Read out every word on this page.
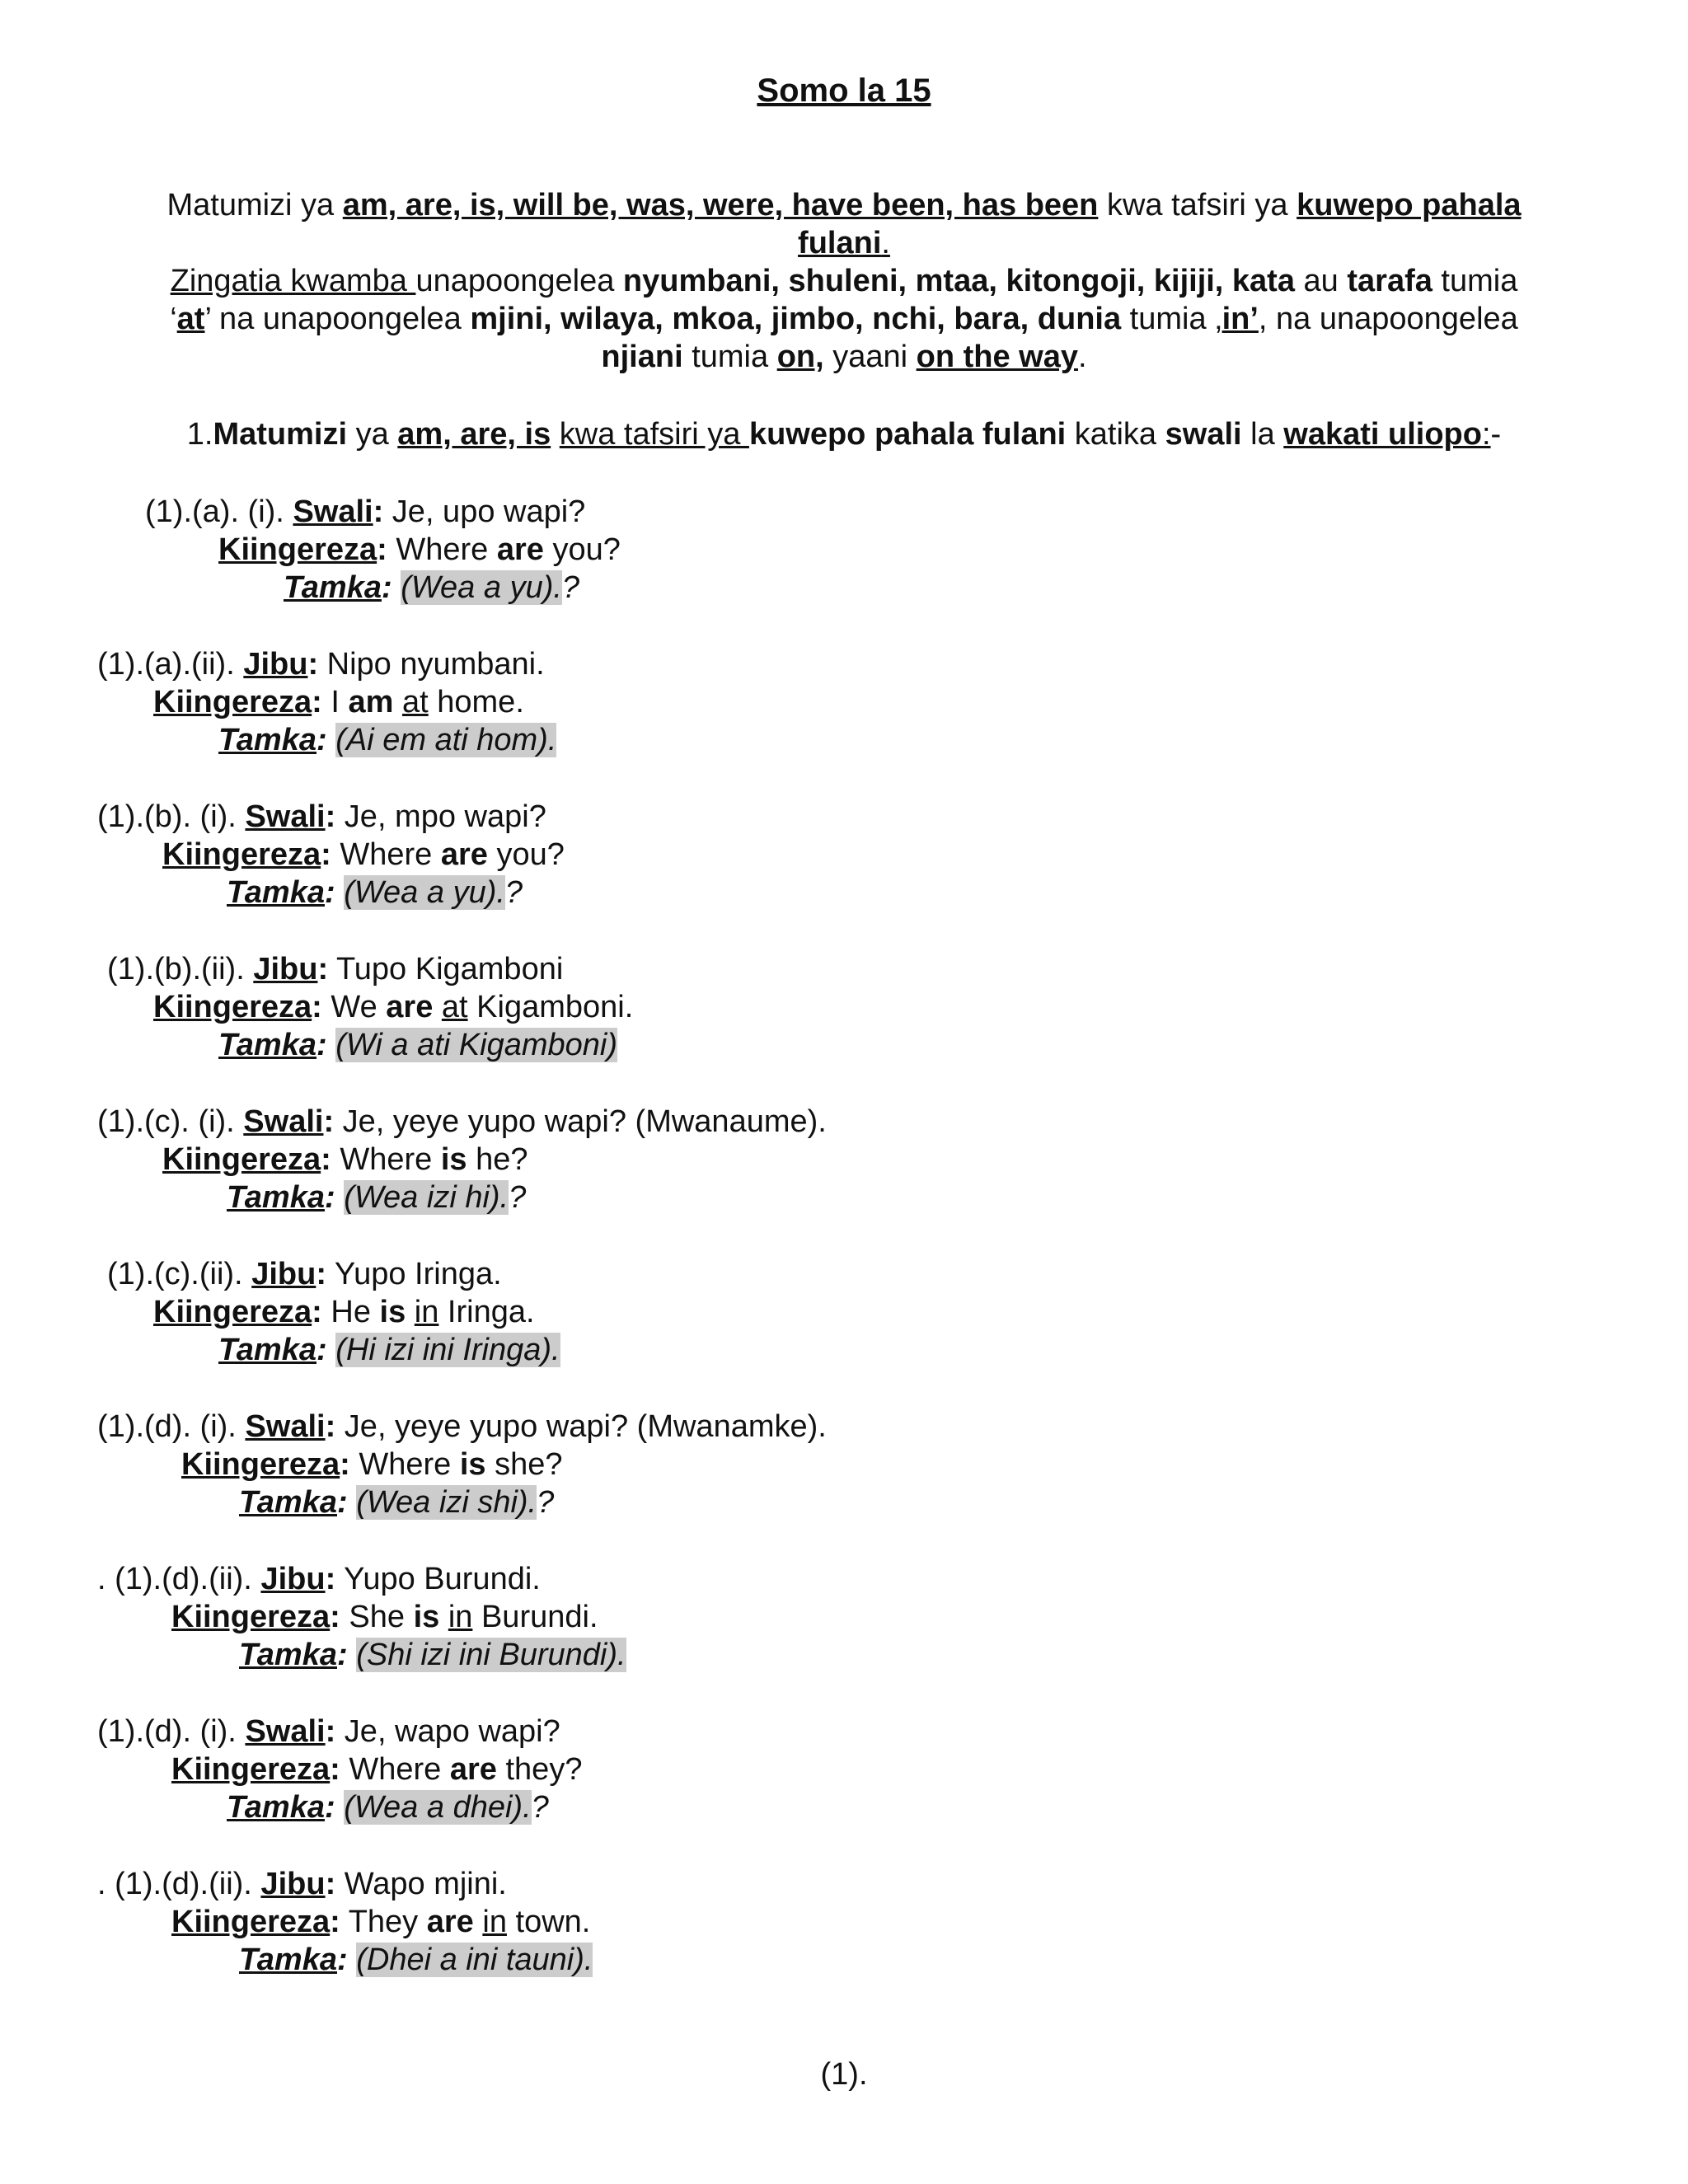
Somo la 15
Matumizi ya am, are, is, will be, was, were, have been, has been kwa tafsiri ya kuwepo pahala fulani.
Zingatia kwamba unapoongelea nyumbani, shuleni, mtaa, kitongoji, kijiji, kata au tarafa tumia ‘at’ na unapoongelea mjini, wilaya, mkoa, jimbo, nchi, bara, dunia tumia ‚in’, na unapoongelea njiani tumia on, yaani on the way.
1.Matumizi ya am, are, is kwa tafsiri ya kuwepo pahala fulani katika swali la wakati uliopo:-
(1).(a). (i). Swali: Je, upo wapi?
Kiingereza: Where are you?
Tamka: (Wea a yu).?
(1).(a).(ii). Jibu: Nipo nyumbani.
Kiingereza: I am at home.
Tamka: (Ai em ati hom).
(1).(b). (i). Swali: Je, mpo wapi?
Kiingereza: Where are you?
Tamka: (Wea a yu).?
(1).(b).(ii). Jibu: Tupo Kigamboni
Kiingereza: We are at Kigamboni.
Tamka: (Wi a ati Kigamboni)
(1).(c). (i). Swali: Je, yeye yupo wapi? (Mwanaume).
Kiingereza: Where is he?
Tamka: (Wea izi hi).?
(1).(c).(ii). Jibu: Yupo Iringa.
Kiingereza: He is in Iringa.
Tamka: (Hi izi ini Iringa).
(1).(d). (i). Swali: Je, yeye yupo wapi? (Mwanamke).
Kiingereza: Where is she?
Tamka: (Wea izi shi).?
. (1).(d).(ii). Jibu: Yupo Burundi.
Kiingereza: She is in Burundi.
Tamka: (Shi izi ini Burundi).
(1).(d). (i). Swali: Je, wapo wapi?
Kiingereza: Where are they?
Tamka: (Wea a dhei).?
. (1).(d).(ii). Jibu: Wapo mjini.
Kiingereza: They are in town.
Tamka: (Dhei a ini tauni).
(1).
